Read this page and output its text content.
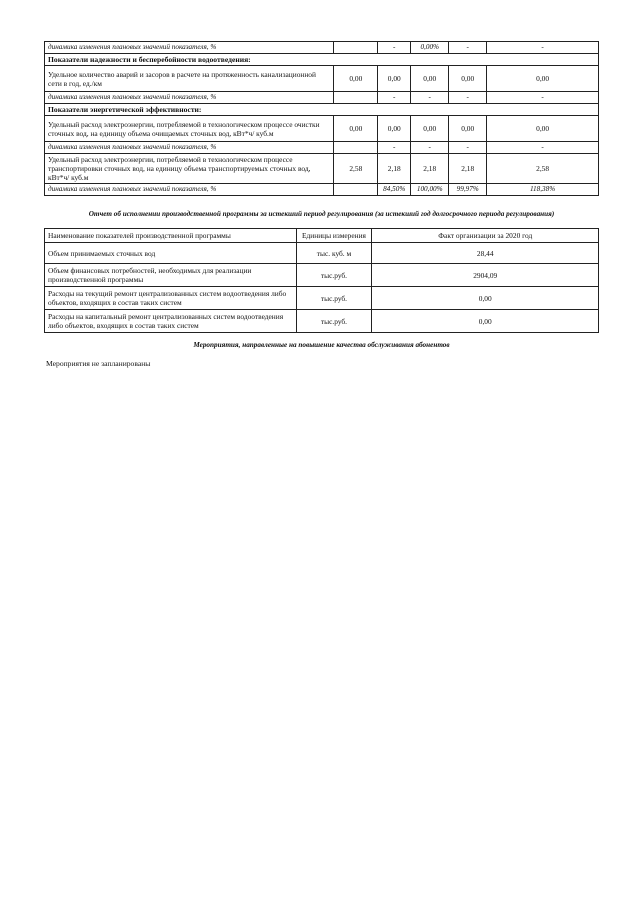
динамика изменения плановых значений показателя, %		-	0,00%	-	-
Показатели надежности и бесперебойности водоотведения:					
Удельное количество аварий и засоров в расчете на протяженность канализационной сети в год, ед./км	0,00	0,00	0,00	0,00	0,00
динамика изменения плановых значений показателя, %		-	-	-	-
Показатели энергетической эффективности:					
Удельный расход электроэнергии, потребляемой в технологическом процессе очистки сточных вод, на единицу объема очищаемых сточных вод, кВт*ч/ куб.м	0,00	0,00	0,00	0,00	0,00
динамика изменения плановых значений показателя, %		-	-	-	-
Удельный расход электроэнергии, потребляемой в технологическом процессе транспортировки сточных вод, на единицу объема транспортируемых сточных вод, кВт*ч/ куб.м	2,58	2,18	2,18	2,18	2,58
динамика изменения плановых значений показателя, %		84,50%	100,00%	99,97%	118,38%
Отчет об исполнении производственной программы за истекший период регулирования (за истекший год долгосрочного периода регулирования)
Наименование показателей производственной программы	Единицы измерения	Факт организации за 2020 год
Объем принимаемых сточных вод	тыс. куб. м	28,44
Объем финансовых потребностей, необходимых для реализации производственной программы	тыс.руб.	2904,09
Расходы на текущий ремонт централизованных систем водоотведения либо объектов, входящих в состав таких систем	тыс.руб.	0,00
Расходы на капитальный ремонт централизованных систем водоотведения либо объектов, входящих в состав таких систем	тыс.руб.	0,00
Мероприятия, направленные на повышение качества обслуживания абонентов
Мероприятия не запланированы
